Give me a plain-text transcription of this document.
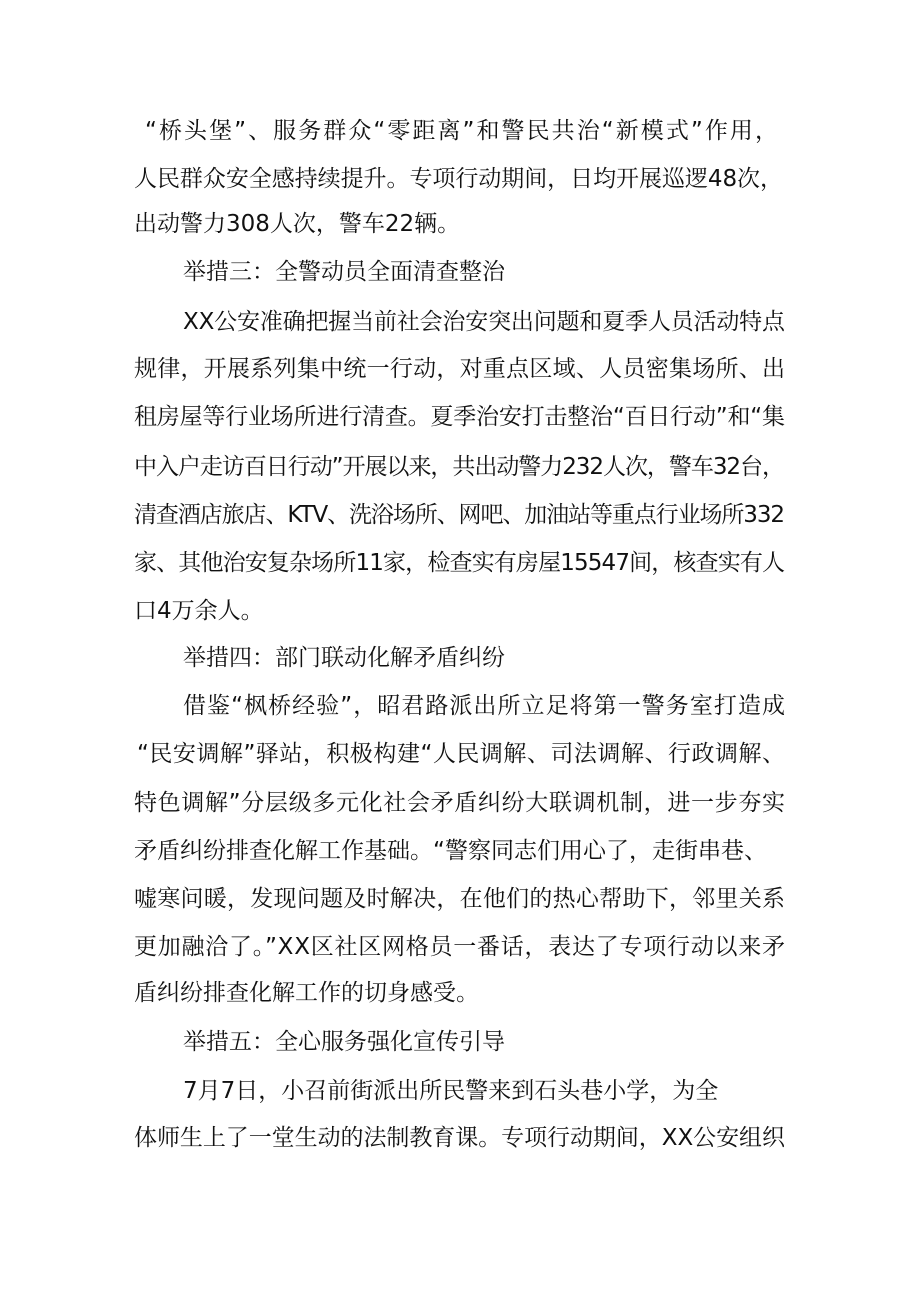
“桥头堡”、服务群众“零距离”和警民共治“新模式”作用，
人民群众安全感持续提升。专项行动期间，日均开展巡逻48次，
出动警力308人次，警车22辆。
举措三：全警动员全面清查整治
XX公安准确把握当前社会治安突出问题和夏季人员活动特点
规律，开展系列集中统一行动，对重点区域、人员密集场所、出
租房屋等行业场所进行清查。夏季治安打击整治“百日行动”和“集
中入户走访百日行动”开展以来，共出动警力232人次，警车32台，
清查酒店旅店、KTV、洗浴场所、网吧、加油站等重点行业场所332
家、其他治安复杂场所11家，检查实有房屋15547间，核查实有人
口4万余人。
举措四：部门联动化解矛盾纠纷
借鉴“枫桥经验”，昭君路派出所立足将第一警务室打造成
“民安调解”驿站，积极构建“人民调解、司法调解、行政调解、
特色调解”分层级多元化社会矛盾纠纷大联调机制，进一步夯实
矛盾纠纷排查化解工作基础。“警察同志们用心了，走街串巷、
嘘寒问暖，发现问题及时解决，在他们的热心帮助下，邻里关系
更加融洽了。”XX区社区网格员一番话，表达了专项行动以来矛
盾纠纷排查化解工作的切身感受。
举措五：全心服务强化宣传引导
7月7日，小召前街派出所民警来到石头巷小学，为全
体师生上了一堂生动的法制教育课。专项行动期间，XX公安组织
